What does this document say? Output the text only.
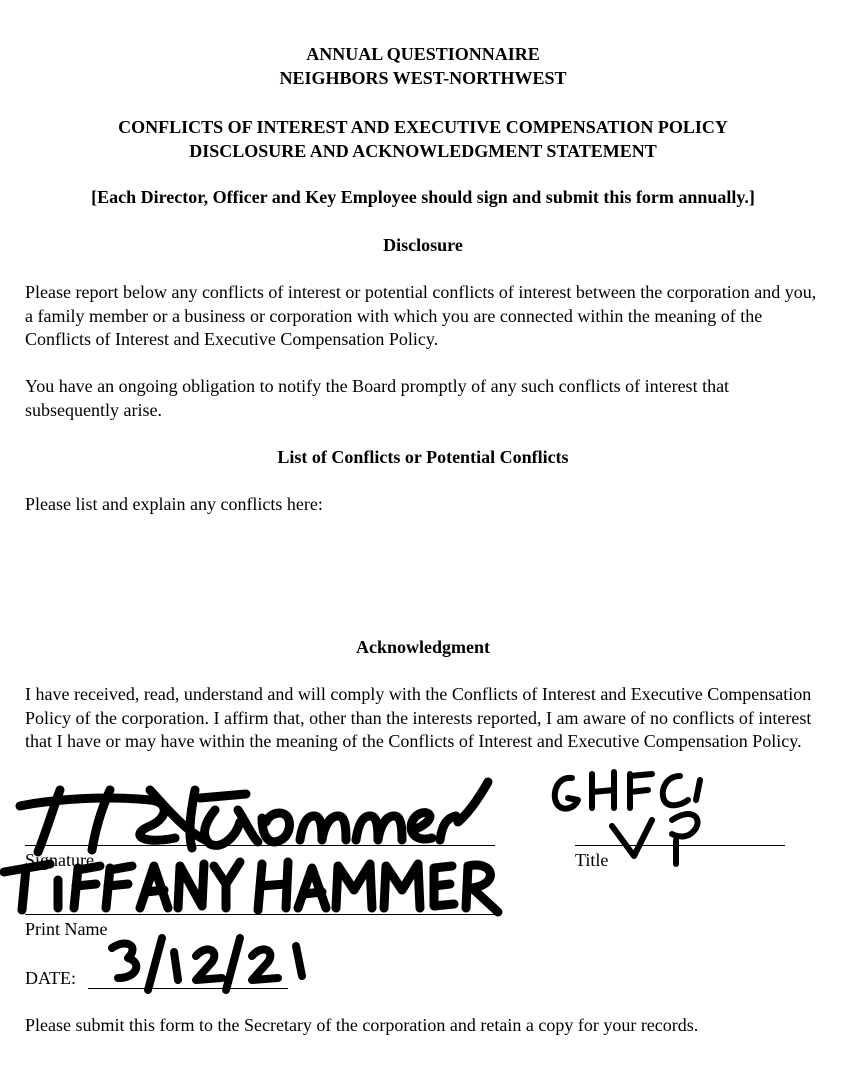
ANNUAL QUESTIONNAIRE

NEIGHBORS WEST-NORTHWEST

CONFLICTS OF INTEREST AND EXECUTIVE COMPENSATION POLICY

DISCLOSURE AND ACKNOWLEDGMENT STATEMENT

[Each Director, Officer and Key Employee should sign and submit this form annually.]

Disclosure

Please report below any conflicts of interest or potential conflicts of interest between the corporation and you, a family member or a business or corporation with which you are connected within the meaning of the Conflicts of Interest and Executive Compensation Policy.

You have an ongoing obligation to notify the Board promptly of any such conflicts of interest that subsequently arise.

List of Conflicts or Potential Conflicts

Please list and explain any conflicts here:

Acknowledgment

I have received, read, understand and will comply with the Conflicts of Interest and Executive Compensation Policy of the corporation. I affirm that, other than the interests reported, I am aware of no conflicts of interest that I have or may have within the meaning of the Conflicts of Interest and Executive Compensation Policy.

Signature	Title

Print Name

DATE:

Please submit this form to the Secretary of the corporation and retain a copy for your records.
